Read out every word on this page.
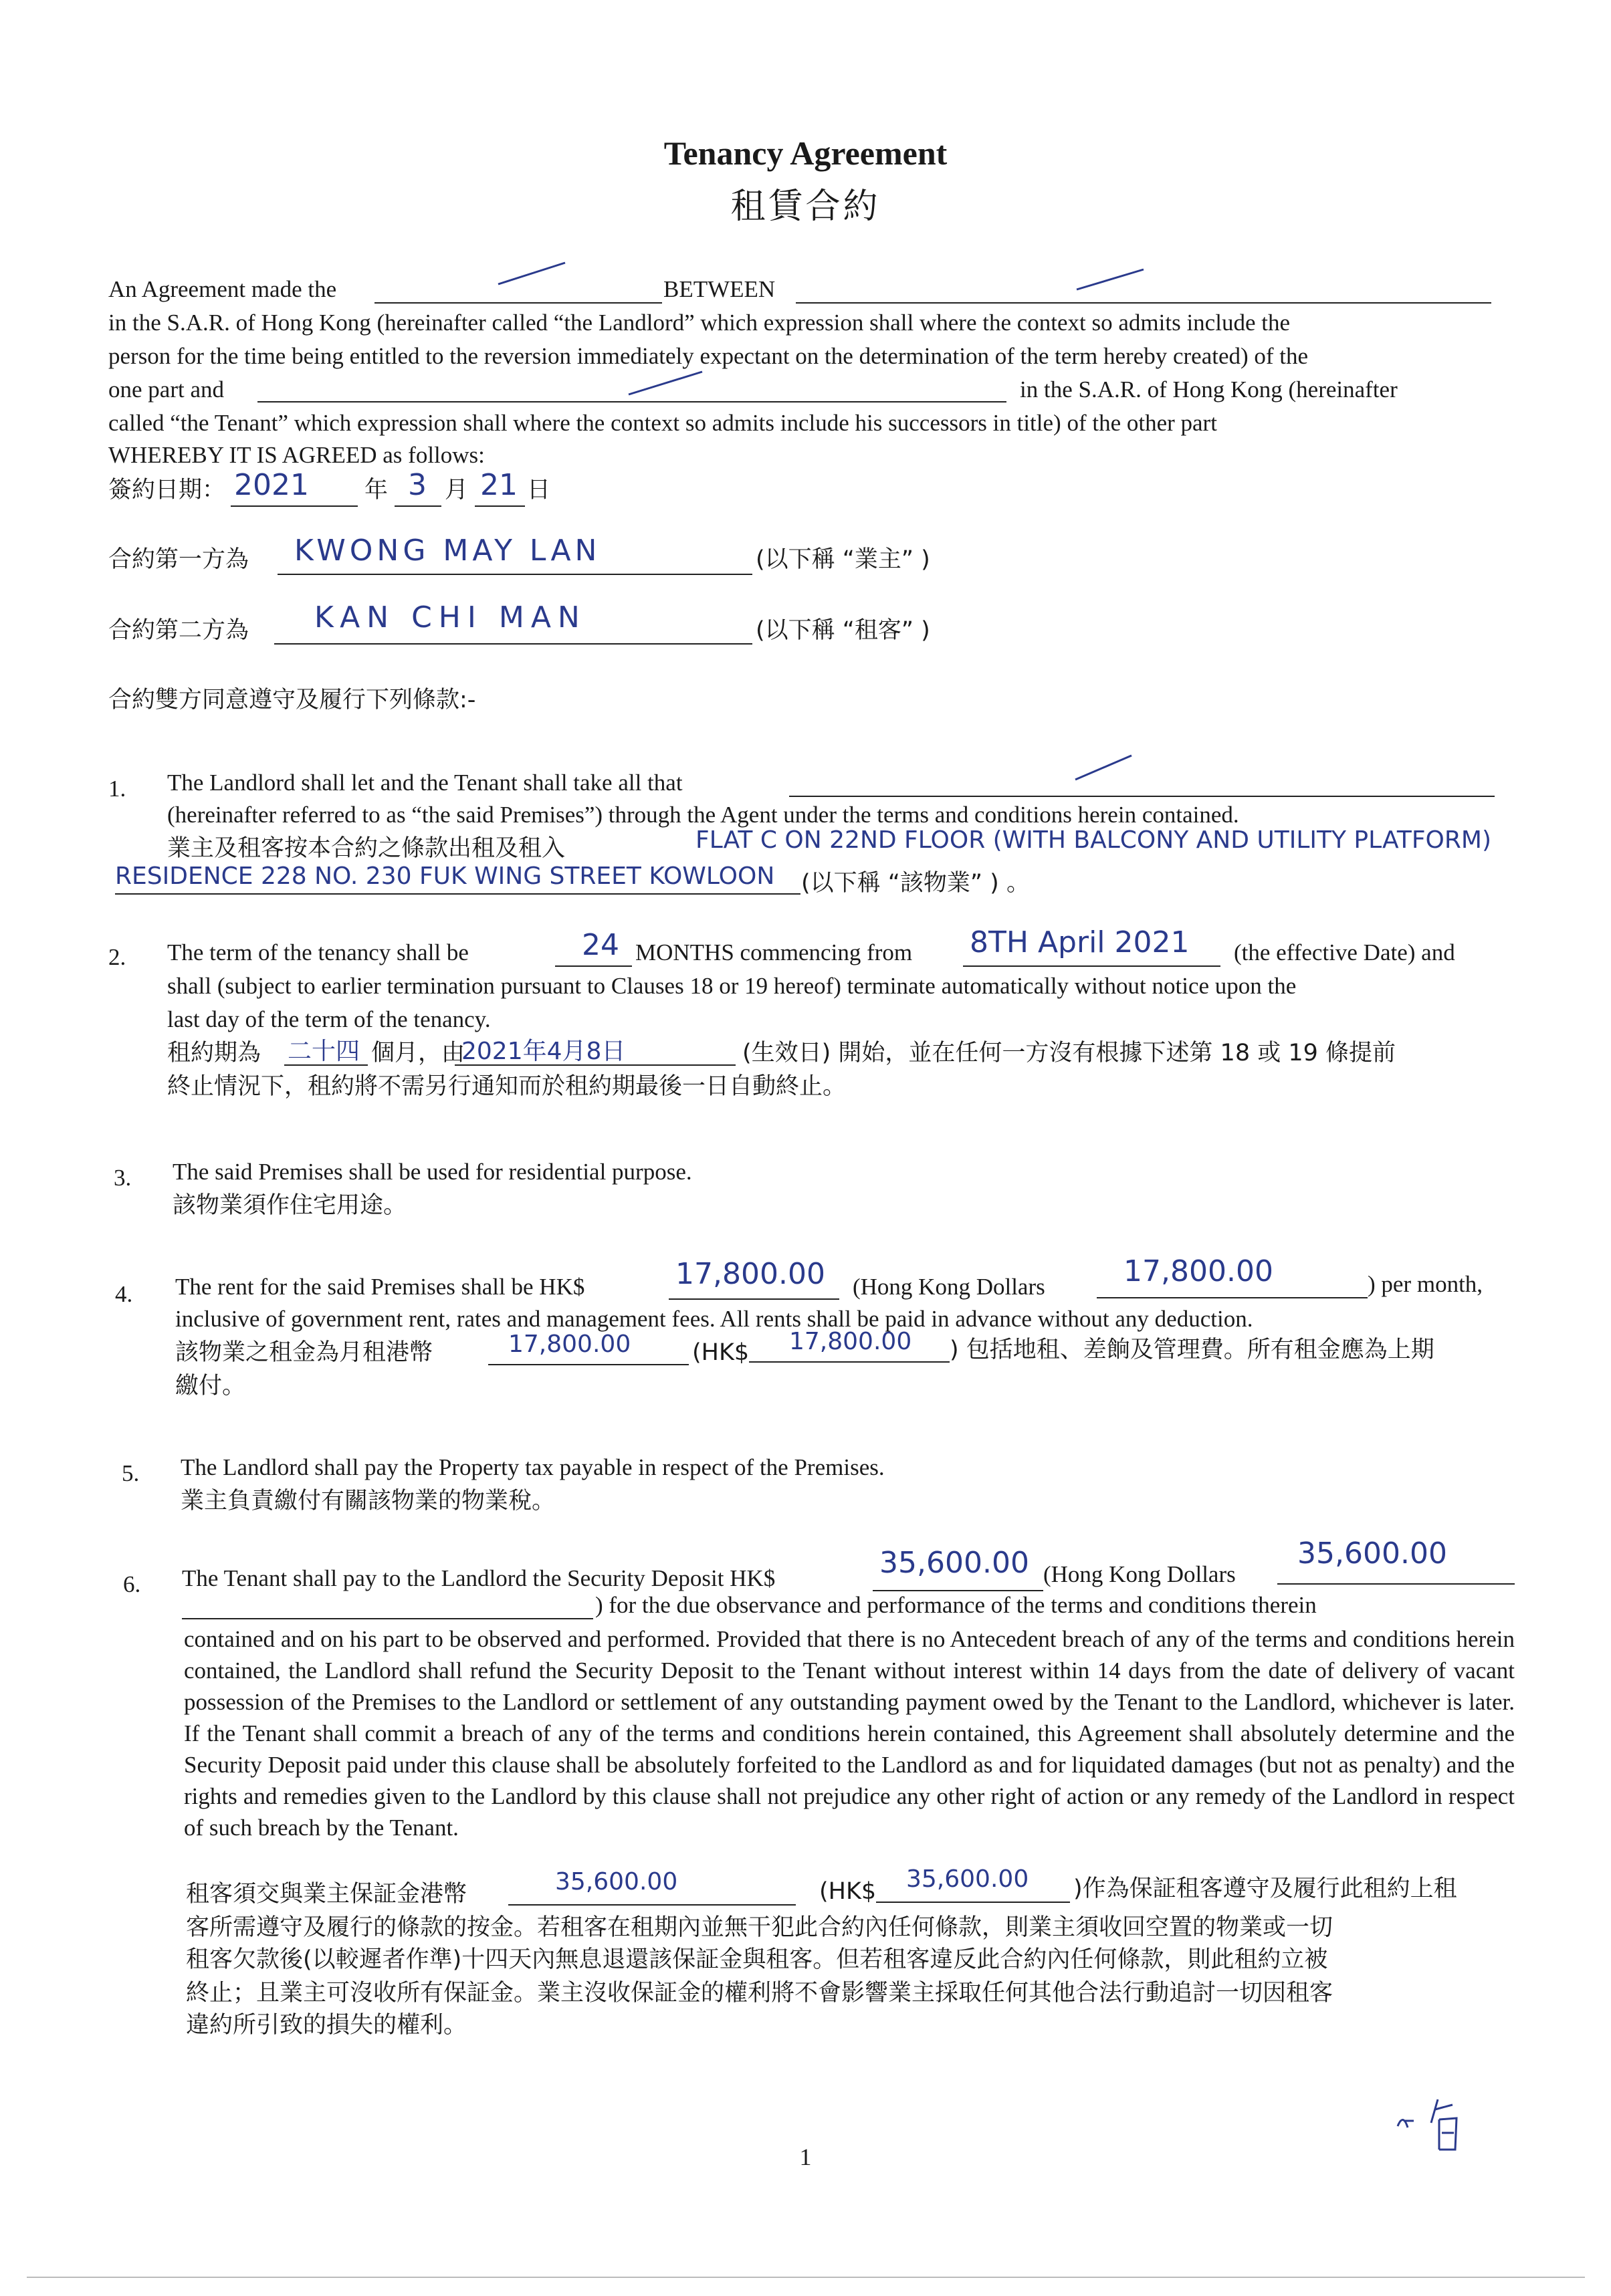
Tenancy Agreement
租賃合約
An Agreement made the	BETWEEN
in the S.A.R. of Hong Kong (hereinafter called “the Landlord” which expression shall where the context so admits include the
person for the time being entitled to the reversion immediately expectant on the determination of the term hereby created) of the
one part and	in the S.A.R. of Hong Kong (hereinafter
called “the Tenant” which expression shall where the context so admits include his successors in title) of the other part
WHEREBY IT IS AGREED as follows:
簽約日期： 2021 年 3 月 21 日
合約第一方為 KWONG MAY LAN	(以下稱 “業主” )
合約第二方為 KAN CHI MAN	(以下稱 “租客” )
合約雙方同意遵守及履行下列條款:-
1. The Landlord shall let and the Tenant shall take all that
(hereinafter referred to as “the said Premises”) through the Agent under the terms and conditions herein contained.
業主及租客按本合約之條款出租及租入	FLAT C ON 22ND FLOOR (WITH BALCONY AND UTILITY PLATFORM)
RESIDENCE 228 NO. 230 FUK WING STREET KOWLOON (以下稱 “該物業” ) 。
2. The term of the tenancy shall be	24 MONTHS commencing from 8TH April 2021 (the effective Date) and
shall (subject to earlier termination pursuant to Clauses 18 or 19 hereof) terminate automatically without notice upon the
last day of the term of the tenancy.
租約期為 二十四 個月，由
2021年4月8日	(生效日) 開始，並在任何一方沒有根據下述第 18 或 19 條提前
終止情況下，租約將不需另行通知而於租約期最後一日自動終止。
3. The said Premises shall be used for residential purpose.
該物業須作住宅用途。
4. The rent for the said Premises shall be HK$	17,800.00 (Hong Kong Dollars	17,800.00	) per month,
inclusive of government rent, rates and management fees. All rents shall be paid in advance without any deduction.
該物業之租金為月租港幣	17,800.00	(HK$ 17,800.00 ) 包括地租、差餉及管理費。所有租金應為上期
繳付。
5. The Landlord shall pay the Property tax payable in respect of the Premises.
業主負責繳付有關該物業的物業稅。
6. The Tenant shall pay to the Landlord the Security Deposit HK$	35,600.00 (Hong Kong Dollars
35,600.00
) for the due observance and performance of the terms and conditions therein
contained and on his part to be observed and performed. Provided that there is no Antecedent breach of any of the terms and conditions herein contained, the Landlord shall refund the Security Deposit to the Tenant without interest within 14 days from the date of delivery of vacant possession of the Premises to the Landlord or settlement of any outstanding payment owed by the Tenant to the Landlord, whichever is later. If the Tenant shall commit a breach of any of the terms and conditions herein contained, this Agreement shall absolutely determine and the Security Deposit paid under this clause shall be absolutely forfeited to the Landlord as and for liquidated damages (but not as penalty) and the rights and remedies given to the Landlord by this clause shall not prejudice any other right of action or any remedy of the Landlord in respect of such breach by the Tenant.
租客須交與業主保証金港幣	35,600.00	(HK$ 35,600.00 )作為保証租客遵守及履行此租約上租
客所需遵守及履行的條款的按金。若租客在租期內並無干犯此合約內任何條款，則業主須收回空置的物業或一切
租客欠款後(以較遲者作準)十四天內無息退還該保証金與租客。但若租客違反此合約內任何條款，則此租約立被
終止；且業主可沒收所有保証金。業主沒收保証金的權利將不會影響業主採取任何其他合法行動追討一切因租客
違約所引致的損失的權利。
1
